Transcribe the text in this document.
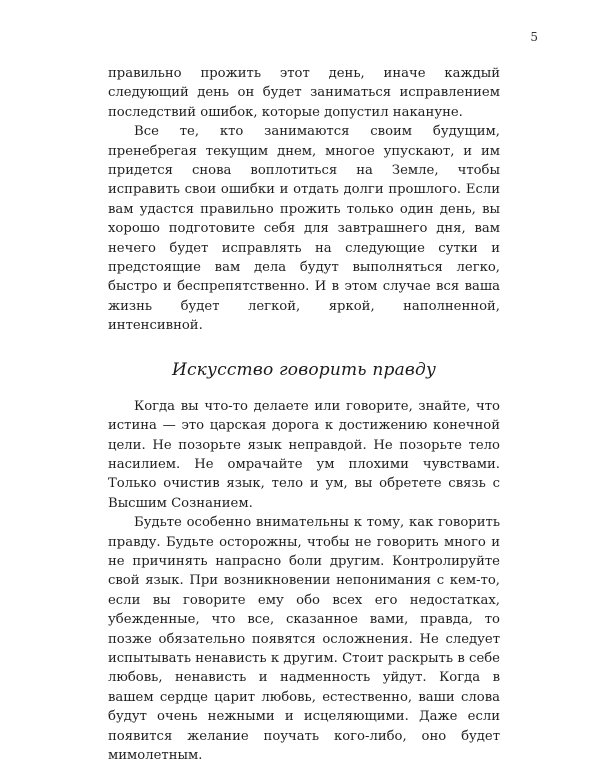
5

правильно прожить этот день, иначе каждый следующий день он будет заниматься исправлением последствий ошибок, которые допустил накануне.

Все те, кто занимаются своим будущим, пренебрегая текущим днем, многое упускают, и им придется снова воплотиться на Земле, чтобы исправить свои ошибки и отдать долги прошлого. Если вам удастся правильно прожить только один день, вы хорошо подготовите себя для завтрашнего дня, вам нечего будет исправлять на следующие сутки и предстоящие вам дела будут выполняться легко, быстро и беспрепятственно. И в этом случае вся ваша жизнь будет легкой, яркой, наполненной, интенсивной.

Искусство говорить правду

Когда вы что-то делаете или говорите, знайте, что истина — это царская дорога к достижению конечной цели. Не позорьте язык неправдой. Не позорьте тело насилием. Не омрачайте ум плохими чувствами. Только очистив язык, тело и ум, вы обретете связь с Высшим Сознанием.

Будьте особенно внимательны к тому, как говорить правду. Будьте осторожны, чтобы не говорить много и не причинять напрасно боли другим. Контролируйте свой язык. При возникновении непонимания с кем-то, если вы говорите ему обо всех его недостатках, убежденные, что все, сказанное вами, правда, то позже обязательно появятся осложнения. Не следует испытывать ненависть к другим. Стоит раскрыть в себе любовь, ненависть и надменность уйдут. Когда в вашем сердце царит любовь, естественно, ваши слова будут очень нежными и исцеляющими. Даже если появится желание поучать кого-либо, оно будет мимолетным.
